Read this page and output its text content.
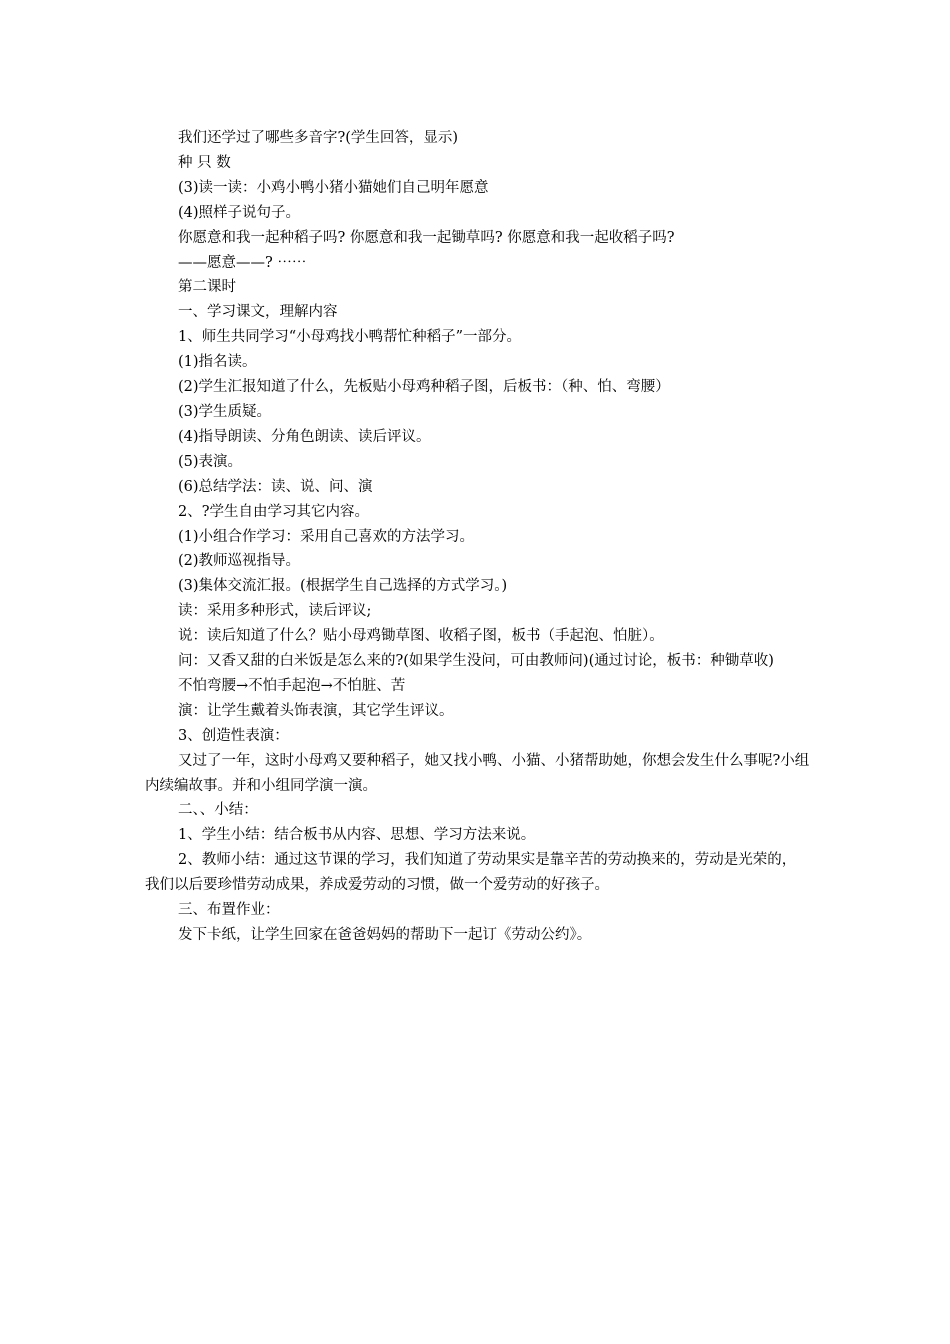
我们还学过了哪些多音字?(学生回答，显示)

种 只 数

(3)读一读：小鸡小鸭小猪小猫她们自己明年愿意

(4)照样子说句子。

你愿意和我一起种稻子吗? 你愿意和我一起锄草吗? 你愿意和我一起收稻子吗?

——愿意——? ⋯⋯

第二课时

一、学习课文，理解内容

1、师生共同学习“小母鸡找小鸭帮忙种稻子”一部分。

(1)指名读。

(2)学生汇报知道了什么，先板贴小母鸡种稻子图，后板书：（种、怕、弯腰）

(3)学生质疑。

(4)指导朗读、分角色朗读、读后评议。

(5)表演。

(6)总结学法：读、说、问、演

2、?学生自由学习其它内容。

(1)小组合作学习：采用自己喜欢的方法学习。

(2)教师巡视指导。

(3)集体交流汇报。(根据学生自己选择的方式学习。)

读：采用多种形式，读后评议;

说：读后知道了什么？贴小母鸡锄草图、收稻子图，板书（手起泡、怕脏）。

问：又香又甜的白米饭是怎么来的?(如果学生没问，可由教师问)(通过讨论，板书：种锄草收)

不怕弯腰→不怕手起泡→不怕脏、苦

演：让学生戴着头饰表演，其它学生评议。

3、创造性表演：

又过了一年，这时小母鸡又要种稻子，她又找小鸭、小猫、小猪帮助她，你想会发生什么事呢?小组内续编故事。并和小组同学演一演。

二、、小结：

1、学生小结：结合板书从内容、思想、学习方法来说。

2、教师小结：通过这节课的学习，我们知道了劳动果实是靠辛苦的劳动换来的，劳动是光荣的，我们以后要珍惜劳动成果，养成爱劳动的习惯，做一个爱劳动的好孩子。

三、布置作业：

发下卡纸，让学生回家在爸爸妈妈的帮助下一起订《劳动公约》。
